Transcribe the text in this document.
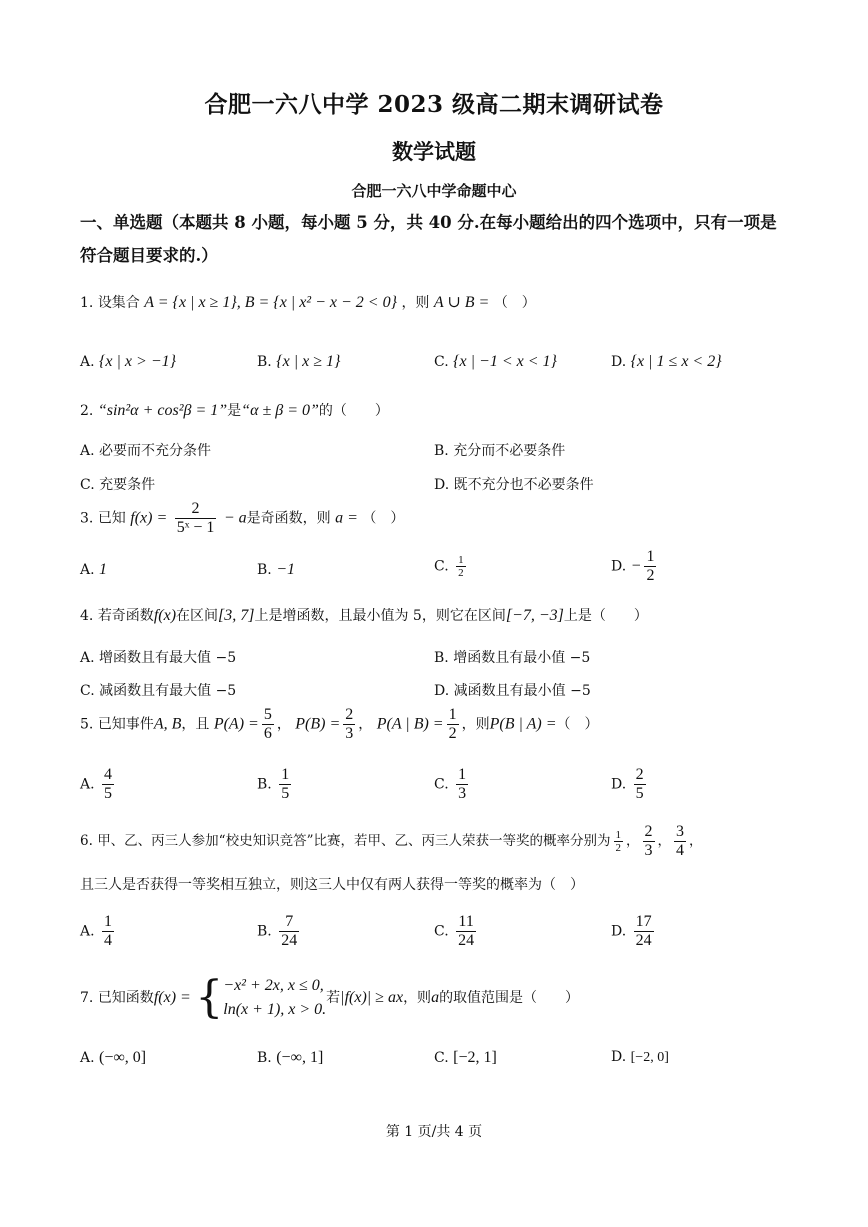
合肥一六八中学 2023 级高二期末调研试卷
数学试题
合肥一六八中学命题中心
一、单选题（本题共 8 小题，每小题 5 分，共 40 分.在每小题给出的四个选项中，只有一项是符合题目要求的.）
1. 设集合 A = {x | x ≥ 1}, B = {x | x² − x − 2 < 0} ，则 A ∪ B = （　）
A. {x | x > −1}	B. {x | x ≥ 1}	C. {x | −1 < x < 1}	D. {x | 1 ≤ x < 2}
2. “sin²α + cos²β = 1”是“α ± β = 0”的（　　）
A. 必要而不充分条件	B. 充分而不必要条件
C. 充要条件	D. 既不充分也不必要条件
3. 已知 $f(x) = \frac{2}{\text{5ˣ − 1}} - a$是奇函数，则 a = （　）
A. 1	B. −1	C. $\frac{1}{2}$	D. − $\frac{1}{2}$
4. 若奇函数f(x)在区间[3, 7]上是增函数，且最小值为 5，则它在区间[−7, −3]上是（　　）
A. 增函数且有最大值 −5	B. 增函数且有最小值 −5
C. 减函数且有最大值 −5	D. 减函数且有最小值 −5
5. 已知事件A, B，且 $P(A) = \frac{5}{6}$ ， $P(B) = \frac{2}{3}$ ， P(A | $B) = \frac{1}{2}$ ，则P(B | A) =（　）
A. $\frac{4}{5}$	B. $\frac{1}{5}$	C. $\frac{1}{3}$	D. $\frac{2}{5}$
6. 甲、乙、丙三人参加“校史知识竞答”比赛，若甲、乙、丙三人荣获一等奖的概率分别为 $\frac{1}{2}$ ， $\frac{2}{3}$ ， $\frac{3}{4}$ ，
且三人是否获得一等奖相互独立，则这三人中仅有两人获得一等奖的概率为（　）
A. $\frac{1}{4}$	B. $\frac{7}{24}$	C. $\frac{11}{24}$	D. $\frac{17}{24}$
7. 已知函数f(x) = { −x² + 2x, x ≤ 0,
ln(x + 1), x > 0.
若|f(x)| ≥ ax，则a的取值范围是（　　）
A. (−∞, 0]	B. (−∞, 1]	C. [−2, 1]	D. [−2, 0]
第 1 页/共 4 页
